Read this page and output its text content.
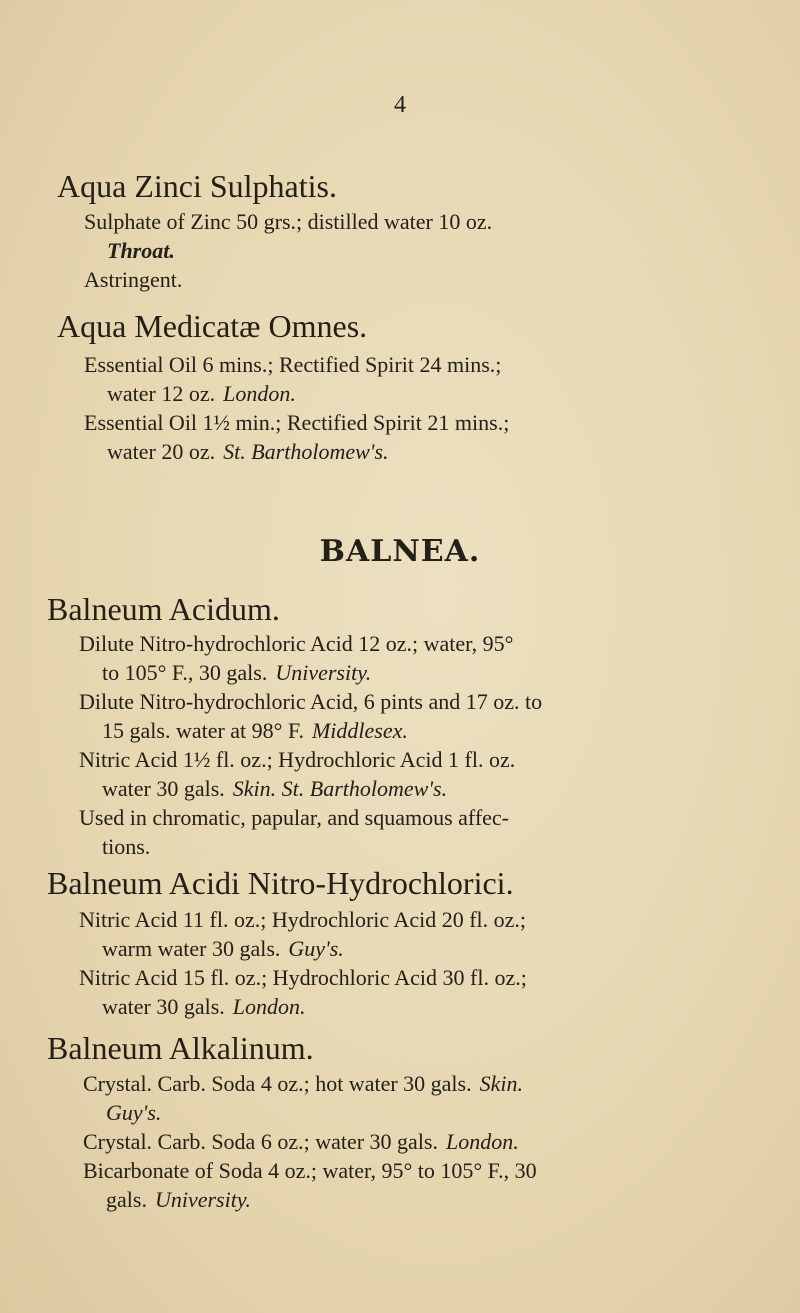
4
Aqua Zinci Sulphatis.

Sulphate of Zinc 50 grs.; distilled water 10 oz.

Throat.

Astringent.

Aqua Medicatæ Omnes.

Essential Oil 6 mins.; Rectified Spirit 24 mins.;

water 12 oz. London.

Essential Oil 1½ min.; Rectified Spirit 21 mins.;

water 20 oz. St. Bartholomew's.

BALNEA.
Balneum Acidum.

Dilute Nitro-hydrochloric Acid 12 oz.; water, 95°

to 105° F., 30 gals. University.

Dilute Nitro-hydrochloric Acid, 6 pints and 17 oz. to

15 gals. water at 98° F. Middlesex.

Nitric Acid 1½ fl. oz.; Hydrochloric Acid 1 fl. oz.

water 30 gals. Skin. St. Bartholomew's.

Used in chromatic, papular, and squamous affec-

tions.

Balneum Acidi Nitro-Hydrochlorici.

Nitric Acid 11 fl. oz.; Hydrochloric Acid 20 fl. oz.;

warm water 30 gals. Guy's.

Nitric Acid 15 fl. oz.; Hydrochloric Acid 30 fl. oz.;

water 30 gals. London.

Balneum Alkalinum.

Crystal. Carb. Soda 4 oz.; hot water 30 gals. Skin.

Guy's.

Crystal. Carb. Soda 6 oz.; water 30 gals. London.

Bicarbonate of Soda 4 oz.; water, 95° to 105° F., 30

gals. University.
